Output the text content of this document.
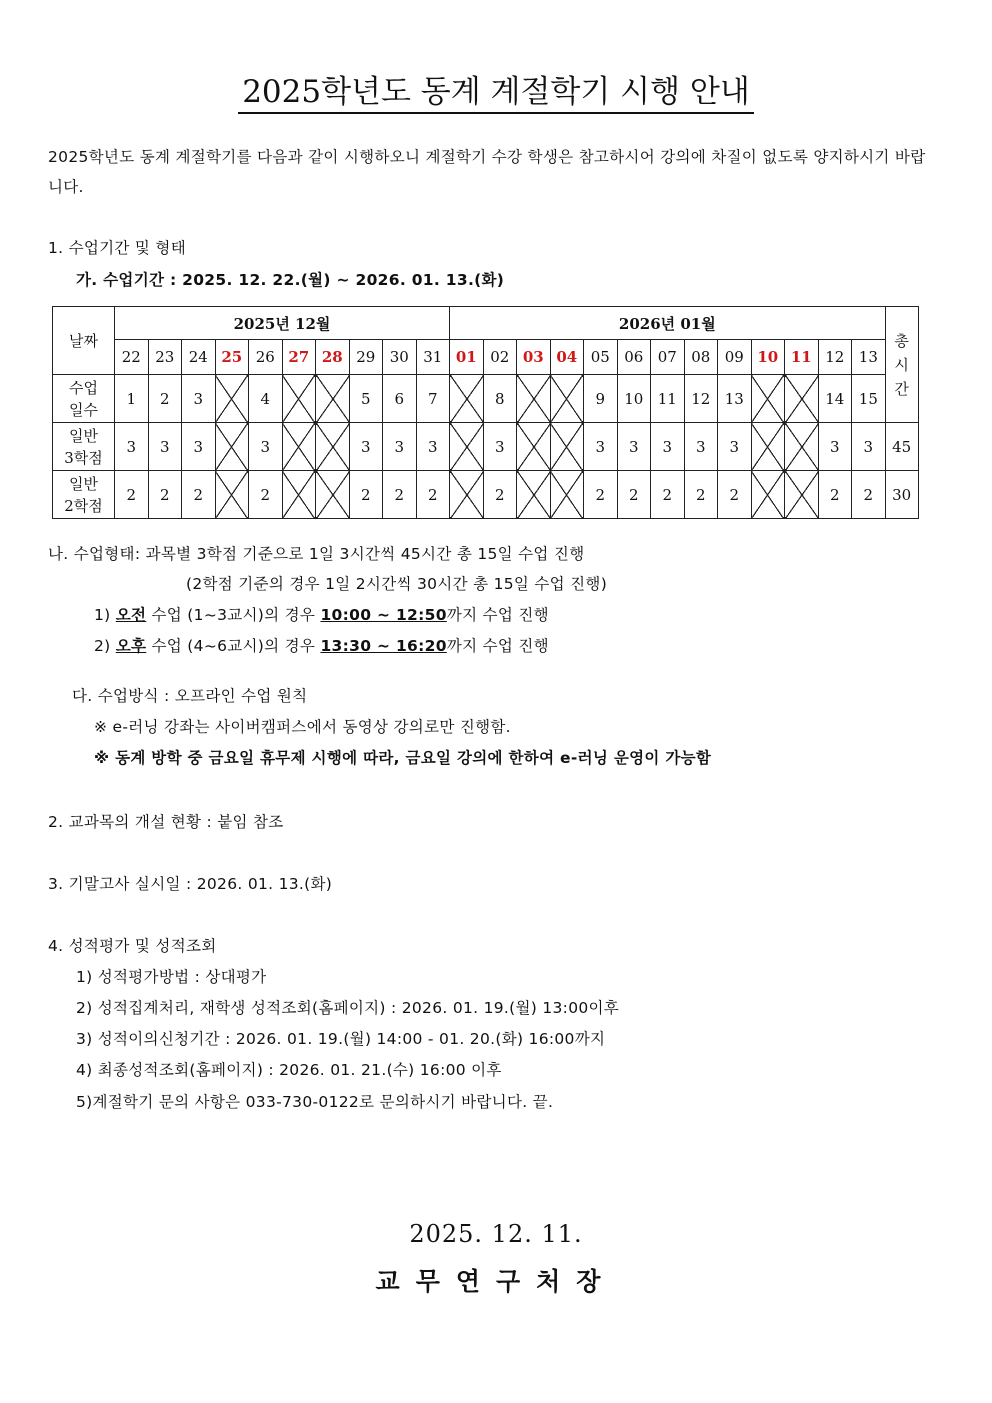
2025학년도 동계 계절학기 시행 안내
2025학년도 동계 계절학기를 다음과 같이 시행하오니 계절학기 수강 학생은 참고하시어 강의에 차질이 없도록 양지하시기 바랍니다.
1. 수업기간 및 형태
가. 수업기간 : 2025. 12. 22.(월) ~ 2026. 01. 13.(화)
날짜	2025년 12월										2026년 01월													총
시
간
	22	23	24	25	26	27	28	29	30	31	01	02	03	04	05	06	07	08	09	10	11	12	13	
수업
일수	1	2	3		4			5	6	7		8			9	10	11	12	13			14	15	
일반
3학점	3	3	3		3			3	3	3		3			3	3	3	3	3			3	3	45
일반
2학점	2	2	2		2			2	2	2		2			2	2	2	2	2			2	2	30
나. 수업형태: 과목별 3학점 기준으로 1일 3시간씩 45시간 총 15일 수업 진행
(2학점 기준의 경우 1일 2시간씩 30시간 총 15일 수업 진행)
1) 오전 수업 (1~3교시)의 경우 10:00 ~ 12:50까지 수업 진행
2) 오후 수업 (4~6교시)의 경우 13:30 ~ 16:20까지 수업 진행
다. 수업방식 : 오프라인 수업 원칙
※ e-러닝 강좌는 사이버캠퍼스에서 동영상 강의로만 진행함.
※ 동계 방학 중 금요일 휴무제 시행에 따라, 금요일 강의에 한하여 e-러닝 운영이 가능함
2. 교과목의 개설 현황 : 붙임 참조
3. 기말고사 실시일 : 2026. 01. 13.(화)
4. 성적평가 및 성적조회
1) 성적평가방법 : 상대평가
2) 성적집계처리, 재학생 성적조회(홈페이지) : 2026. 01. 19.(월) 13:00이후
3) 성적이의신청기간 : 2026. 01. 19.(월) 14:00 - 01. 20.(화) 16:00까지
4) 최종성적조회(홈페이지) : 2026. 01. 21.(수) 16:00 이후
5)계절학기 문의 사항은 033-730-0122로 문의하시기 바랍니다. 끝.
2025. 12. 11.
교무연구처장
